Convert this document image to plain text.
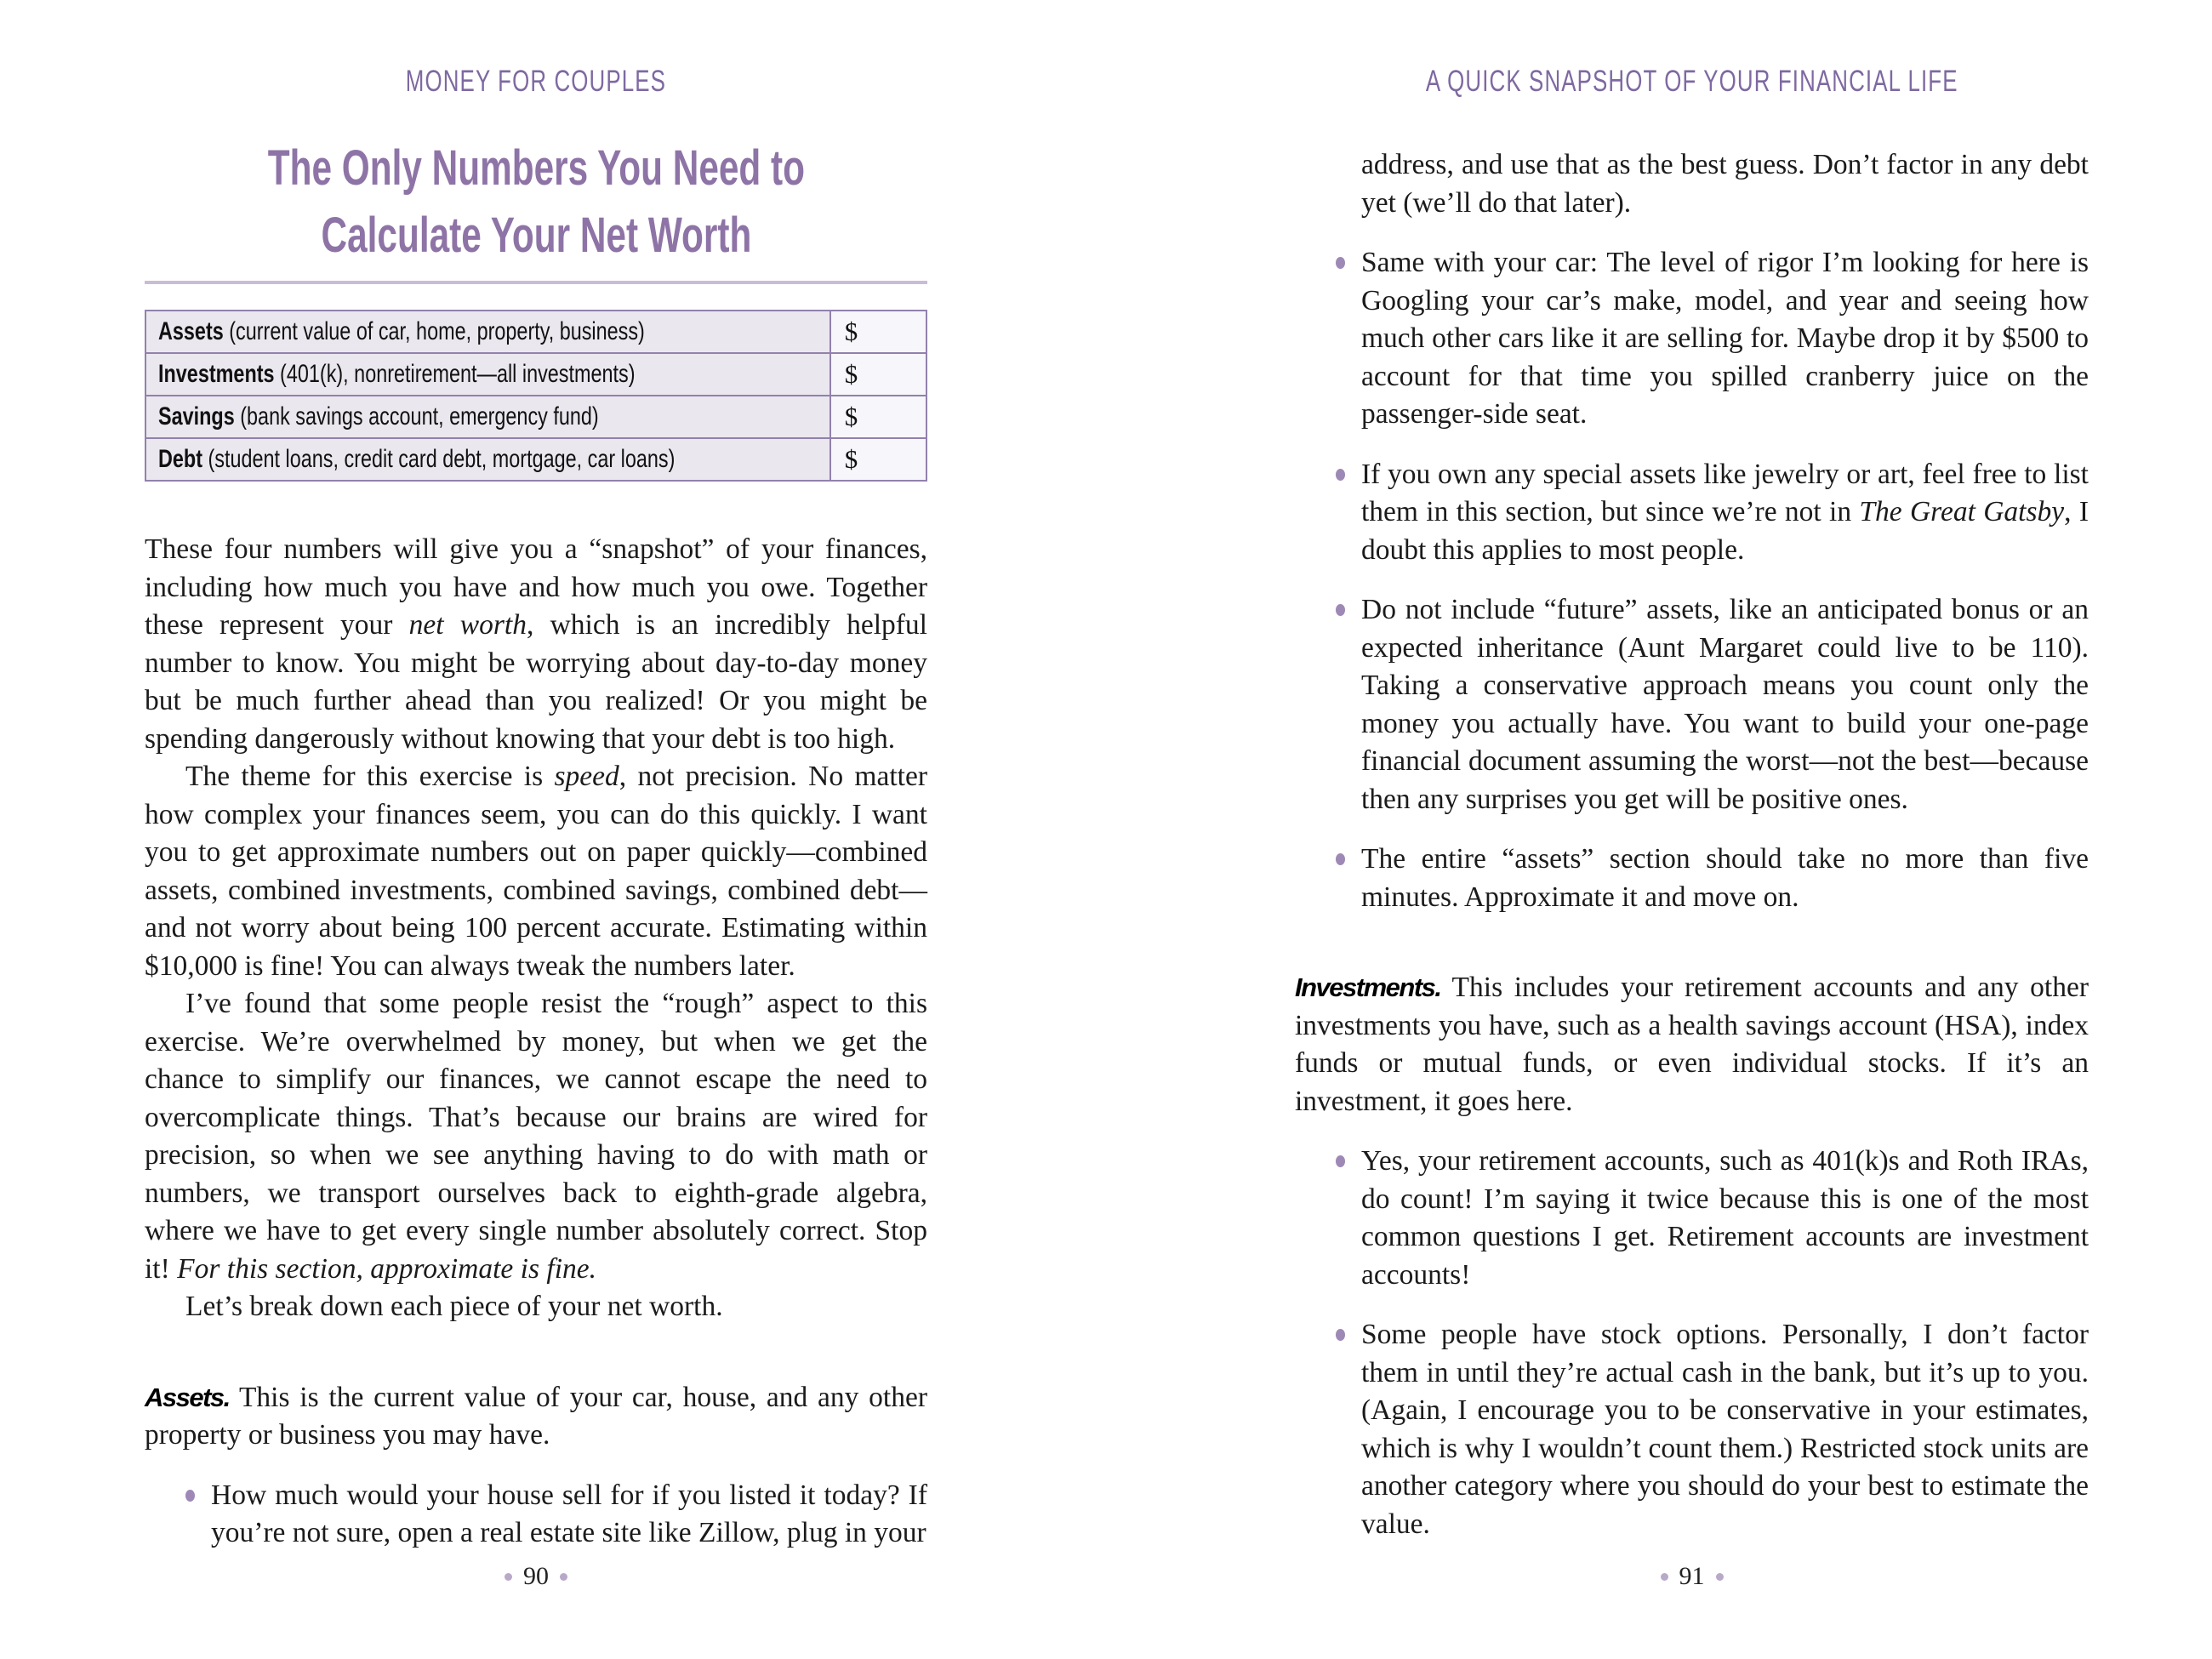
MONEY FOR COUPLES
The Only Numbers You Need to
Calculate Your Net Worth
Assets (current value of car, home, property, business)	$
Investments (401(k), nonretirement—all investments)	$
Savings (bank savings account, emergency fund)	$
Debt (student loans, credit card debt, mortgage, car loans)	$

These four numbers will give you a “snapshot” of your finances, including how much you have and how much you owe. Together these represent your net worth, which is an incredibly helpful number to know. You might be worrying about day-to-day money but be much further ahead than you realized! Or you might be spending dangerously without knowing that your debt is too high.

The theme for this exercise is speed, not precision. No matter how complex your finances seem, you can do this quickly. I want you to get approximate numbers out on paper quickly—combined assets, combined investments, combined savings, combined debt—and not worry about being 100 percent accurate. Estimating within $10,000 is fine! You can always tweak the numbers later.

I’ve found that some people resist the “rough” aspect to this exercise. We’re overwhelmed by money, but when we get the chance to simplify our finances, we cannot escape the need to overcomplicate things. That’s because our brains are wired for precision, so when we see anything having to do with math or numbers, we transport ourselves back to eighth-grade algebra, where we have to get every single number absolutely correct. Stop it! For this section, approximate is fine.

Let’s break down each piece of your net worth.

Assets. This is the current value of your car, house, and any other property or business you may have.

How much would your house sell for if you listed it today? If you’re not sure, open a real estate site like Zillow, plug in your
90
A QUICK SNAPSHOT OF YOUR FINANCIAL LIFE

address, and use that as the best guess. Don’t factor in any debt yet (we’ll do that later).

Same with your car: The level of rigor I’m looking for here is Googling your car’s make, model, and year and seeing how much other cars like it are selling for. Maybe drop it by $500 to account for that time you spilled cranberry juice on the passenger-side seat.
If you own any special assets like jewelry or art, feel free to list them in this section, but since we’re not in The Great Gatsby, I doubt this applies to most people.
Do not include “future” assets, like an anticipated bonus or an expected inheritance (Aunt Margaret could live to be 110). Taking a conservative approach means you count only the money you actually have. You want to build your one-page financial document assuming the worst—not the best—because then any surprises you get will be positive ones.
The entire “assets” section should take no more than five minutes. Approximate it and move on.

Investments. This includes your retirement accounts and any other investments you have, such as a health savings account (HSA), index funds or mutual funds, or even individual stocks. If it’s an investment, it goes here.

Yes, your retirement accounts, such as 401(k)s and Roth IRAs, do count! I’m saying it twice because this is one of the most common questions I get. Retirement accounts are investment accounts!
Some people have stock options. Personally, I don’t factor them in until they’re actual cash in the bank, but it’s up to you. (Again, I encourage you to be conservative in your estimates, which is why I wouldn’t count them.) Restricted stock units are another category where you should do your best to estimate the value.
91
